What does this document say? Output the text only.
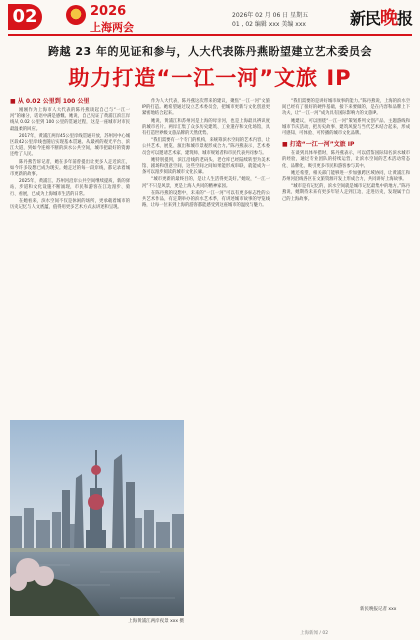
02	2026
上海两会
2026年 02 月 06 日 星期五
01 , 02 编辑 xxx 美编 xxx	新民晚报
跨越 23 年的见证和参与，人大代表陈丹燕盼望建立艺术委员会
助力打造“一江一河”文旅 IP
■ 从 0.02 公里到 100 公里

刚刚作为上海市人大代表的陈丹燕谈起自己与“一江一河”的缘分，话语中满是感慨。她说，自己见证了黄浦江滨江岸线从 0.02 公里到 100 公里的贯通过程，这是一座城市对市民最温柔的回应。

2017年，黄浦江两岸45公里岸线贯通开放，苏州河中心城区段42公里岸线也随后实现基本贯通。从最初的观光平台、滨江大道，到如今连绵不断的滨水公共空间，城市把最好的资源还给了人民。

陈丹燕告诉记者，她在多年前曾提出让更多人走近滨江，如今许多设想已成为现实。她走过的每一段岸线，都记录着城市更新的故事。

2025年，黄浦江、苏州河沿岸公共空间继续提质，新的驿站、步道和文化设施不断涌现，市民和游客在江边漫步、骑行、看展，已成为上海城市生活的日常。

在她看来，滨水空间不仅是休闲的场所，更承载着城市的历史记忆与人文底蕴，值得用更多艺术方式去讲述和呈现。

作为人大代表，陈丹燕这次带来的建议，聚焦“一江一河”文旅IP的打造。她希望通过设立艺术委员会，把城市更新与文化创意更紧密地结合起来。

她说，黄浦江和苏州河是上海的母亲河，也是上海最具辨识度的城市名片。两岸汇集了众多历史建筑、工业遗存和文化场馆，具有打造世界级文旅品牌的天然优势。

“我们需要有一个专门的机构，来统筹滨水空间的艺术内容，让公共艺术、展览、演出和城市景观形成合力。”陈丹燕表示，艺术委员会可以邀请艺术家、建筑师、城市规划者和市民代表共同参与。

她特别提到，滨江沿线的老码头、老仓库已经陆续转型为美术馆、剧场和创意空间，这些空间之间如果能形成串联，就能成为一条可以漫步阅读的城市文化长廊。

“城市更新的最终目的，是让人生活得更美好。”她说，“一江一河”不只是风景，更是上海人共同的精神家园。

在陈丹燕的设想中，未来的“一江一河”可以有更多标志性的公共艺术作品，有定期举办的滨水艺术季，有讲述城市故事的导览线路，让每一位来到上海的游客都能感受到这座城市的温度与魅力。

“我们需要的是讲好城市故事的能力。”陈丹燕说，上海的滨水空间已经有了很好的硬件基础，接下来要做的，是在内容和品牌上下功夫，让“一江一河”成为具有国际影响力的文旅IP。

她建议，可以围绕“一江一河”策划系列文创产品、主题游线和城市节庆活动，把历史故事、建筑风貌与当代艺术结合起来，形成可感知、可体验、可传播的城市文化品牌。

■ 打造“一江一河”文旅 IP

在谈到具体举措时，陈丹燕表示，可以借鉴国际知名滨水城市的经验，通过专业团队的持续运营，让滨水空间的艺术活动常态化、品牌化，吸引更多市民和游客参与其中。

她还希望，相关部门能够进一步加强跨区域协同，让黄浦江和苏州河沿线各区在文旅资源开发上形成合力，共同讲好上海故事。

“城市是有记忆的，滨水空间就是城市记忆最集中的地方。”陈丹燕说，她期待未来有更多年轻人走到江边、走进历史，发现属于自己的上海故事。

新民晚报记者 xxx
上海黄浦江两岸夜景 xxx 摄
上海新闻 / 02
